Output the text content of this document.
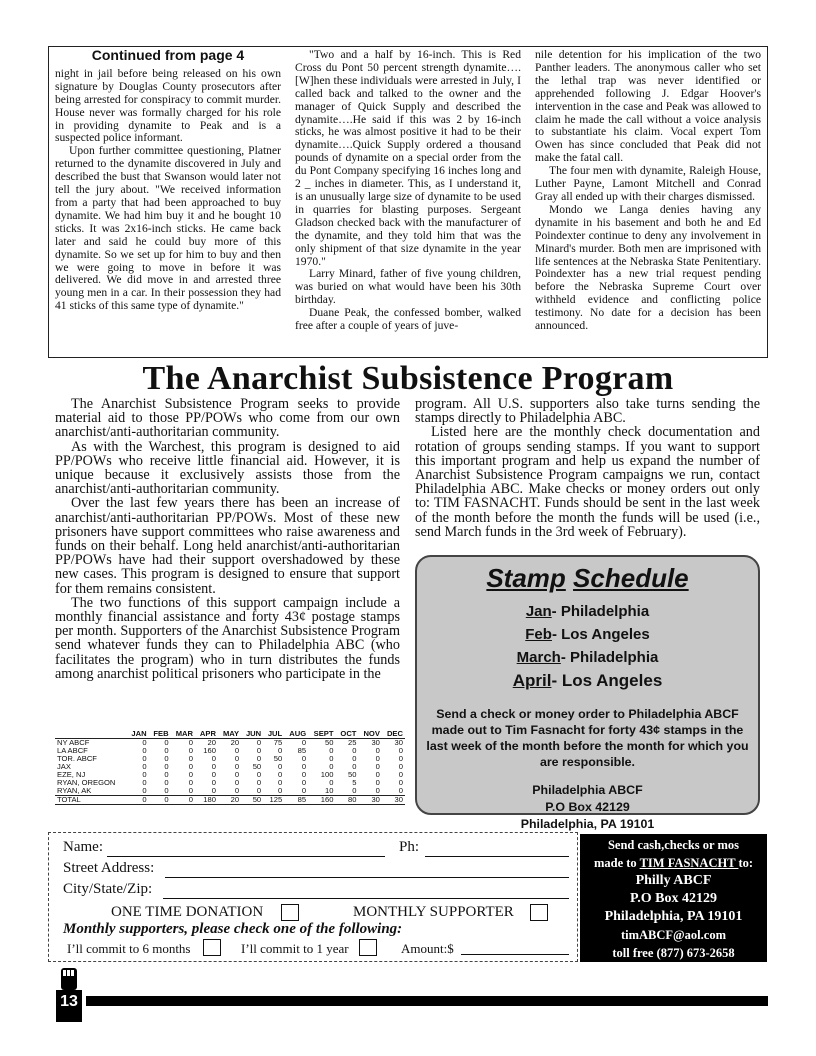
Continued from page 4

night in jail before being released on his own signature by Douglas County prosecutors after being arrested for conspiracy to commit murder. House never was formally charged for his role in providing dynamite to Peak and is a suspected police informant.

Upon further committee questioning, Platner returned to the dynamite discovered in July and described the bust that Swanson would later not tell the jury about. "We received information from a party that had been approached to buy dynamite. We had him buy it and he bought 10 sticks. It was 2x16-inch sticks. He came back later and said he could buy more of this dynamite. So we set up for him to buy and then we were going to move in before it was delivered. We did move in and arrested three young men in a car. In their possession they had 41 sticks of this same type of dynamite."

"Two and a half by 16-inch. This is Red Cross du Pont 50 percent strength dynamite….[W]hen these individuals were arrested in July, I called back and talked to the owner and the manager of Quick Supply and described the dynamite….He said if this was 2 by 16-inch sticks, he was almost positive it had to be their dynamite….Quick Supply ordered a thousand pounds of dynamite on a special order from the du Pont Company specifying 16 inches long and 2 _ inches in diameter. This, as I understand it, is an unusually large size of dynamite to be used in quarries for blasting purposes. Sergeant Gladson checked back with the manufacturer of the dynamite, and they told him that was the only shipment of that size dynamite in the year 1970."

Larry Minard, father of five young children, was buried on what would have been his 30th birthday.

Duane Peak, the confessed bomber, walked free after a couple of years of juve-

nile detention for his implication of the two Panther leaders. The anonymous caller who set the lethal trap was never identified or apprehended following J. Edgar Hoover's intervention in the case and Peak was allowed to claim he made the call without a voice analysis to substantiate his claim. Vocal expert Tom Owen has since concluded that Peak did not make the fatal call.

The four men with dynamite, Raleigh House, Luther Payne, Lamont Mitchell and Conrad Gray all ended up with their charges dismissed.

Mondo we Langa denies having any dynamite in his basement and both he and Ed Poindexter continue to deny any involvement in Minard's murder. Both men are imprisoned with life sentences at the Nebraska State Penitentiary. Poindexter has a new trial request pending before the Nebraska Supreme Court over withheld evidence and conflicting police testimony. No date for a decision has been announced.

The Anarchist Subsistence Program

The Anarchist Subsistence Program seeks to provide material aid to those PP/POWs who come from our own anarchist/anti-authoritarian community.

As with the Warchest, this program is designed to aid PP/POWs who receive little financial aid. However, it is unique because it exclusively assists those from the anarchist/anti-authoritarian community.

Over the last few years there has been an increase of anarchist/anti-authoritarian PP/POWs. Most of these new prisoners have support committees who raise awareness and funds on their behalf. Long held anarchist/anti-authoritarian PP/POWs have had their support overshadowed by these new cases. This program is designed to ensure that support for them remains consistent.

The two functions of this support campaign include a monthly financial assistance and forty 43¢ postage stamps per month. Supporters of the Anarchist Subsistence Program send whatever funds they can to Philadelphia ABC (who facilitates the program) who in turn distributes the funds among anarchist political prisoners who participate in the

program. All U.S. supporters also take turns sending the stamps directly to Philadelphia ABC.

Listed here are the monthly check documentation and rotation of groups sending stamps. If you want to support this important program and help us expand the number of Anarchist Subsistence Program campaigns we run, contact Philadelphia ABC. Make checks or money orders out only to: TIM FASNACHT. Funds should be sent in the last week of the month before the month the funds will be used (i.e., send March funds in the 3rd week of February).

	JAN	FEB	MAR	APR	MAY	JUN	JUL	AUG	SEPT	OCT	NOV	DEC
NY ABCF	0	0	0	20	20	0	75	0	50	25	30	30
LA ABCF	0	0	0	160	0	0	0	85	0	0	0	0
TOR. ABCF	0	0	0	0	0	0	50	0	0	0	0	0
JAX	0	0	0	0	0	50	0	0	0	0	0	0
EZE, NJ	0	0	0	0	0	0	0	0	100	50	0	0
RYAN, OREGON	0	0	0	0	0	0	0	0	0	5	0	0
RYAN, AK	0	0	0	0	0	0	0	0	10	0	0	0
TOTAL	0	0	0	180	20	50	125	85	160	80	30	30
Stamp Schedule
Jan- Philadelphia
Feb- Los Angeles
March- Philadelphia
April- Los Angeles
Send a check or money order to Philadelphia ABCF made out to Tim Fasnacht for forty 43¢ stamps in the last week of the month before the month for which you are responsible.
Philadelphia ABCF
P.O Box 42129
Philadelphia, PA 19101
Name:	Ph:
Street Address:
City/State/Zip:
ONE TIME DONATION	MONTHLY SUPPORTER
Monthly supporters, please check one of the following:
I’ll commit to 6 months	I’ll commit to 1 year	Amount:$
Send cash,checks or mos
made to TIM FASNACHT to:
Philly ABCF
P.O Box 42129
Philadelphia, PA 19101
timABCF@aol.com
toll free (877) 673-2658
13
